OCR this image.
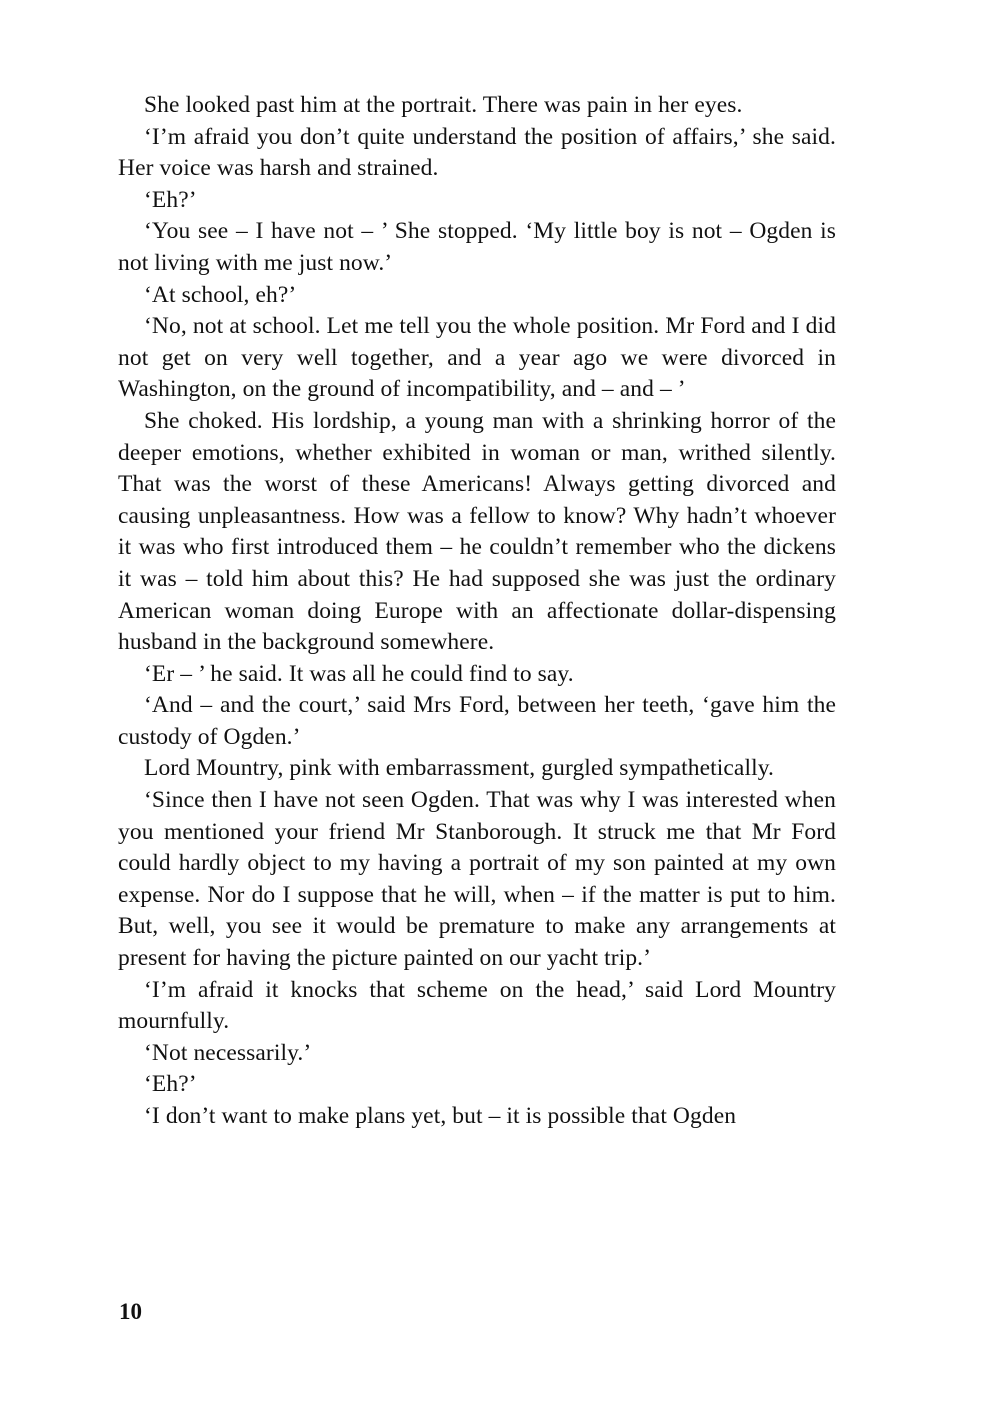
She looked past him at the portrait. There was pain in her eyes.

‘I’m afraid you don’t quite understand the position of affairs,’ she said. Her voice was harsh and strained.

‘Eh?’

‘You see – I have not – ’ She stopped. ‘My little boy is not – Ogden is not living with me just now.’

‘At school, eh?’

‘No, not at school. Let me tell you the whole position. Mr Ford and I did not get on very well together, and a year ago we were divorced in Washington, on the ground of incompatibility, and – and – ’

She choked. His lordship, a young man with a shrinking horror of the deeper emotions, whether exhibited in woman or man, writhed silently. That was the worst of these Americans! Always getting divorced and causing unpleasantness. How was a fellow to know? Why hadn’t whoever it was who first introduced them – he couldn’t remember who the dickens it was – told him about this? He had supposed she was just the ordinary American woman doing Europe with an affectionate dollar-dispensing husband in the background somewhere.

‘Er – ’ he said. It was all he could find to say.

‘And – and the court,’ said Mrs Ford, between her teeth, ‘gave him the custody of Ogden.’

Lord Mountry, pink with embarrassment, gurgled sympathetically.

‘Since then I have not seen Ogden. That was why I was interested when you mentioned your friend Mr Stanborough. It struck me that Mr Ford could hardly object to my having a portrait of my son painted at my own expense. Nor do I suppose that he will, when – if the matter is put to him. But, well, you see it would be premature to make any arrangements at present for having the picture painted on our yacht trip.’

‘I’m afraid it knocks that scheme on the head,’ said Lord Mountry mournfully.

‘Not necessarily.’

‘Eh?’

‘I don’t want to make plans yet, but – it is possible that Ogden

10
